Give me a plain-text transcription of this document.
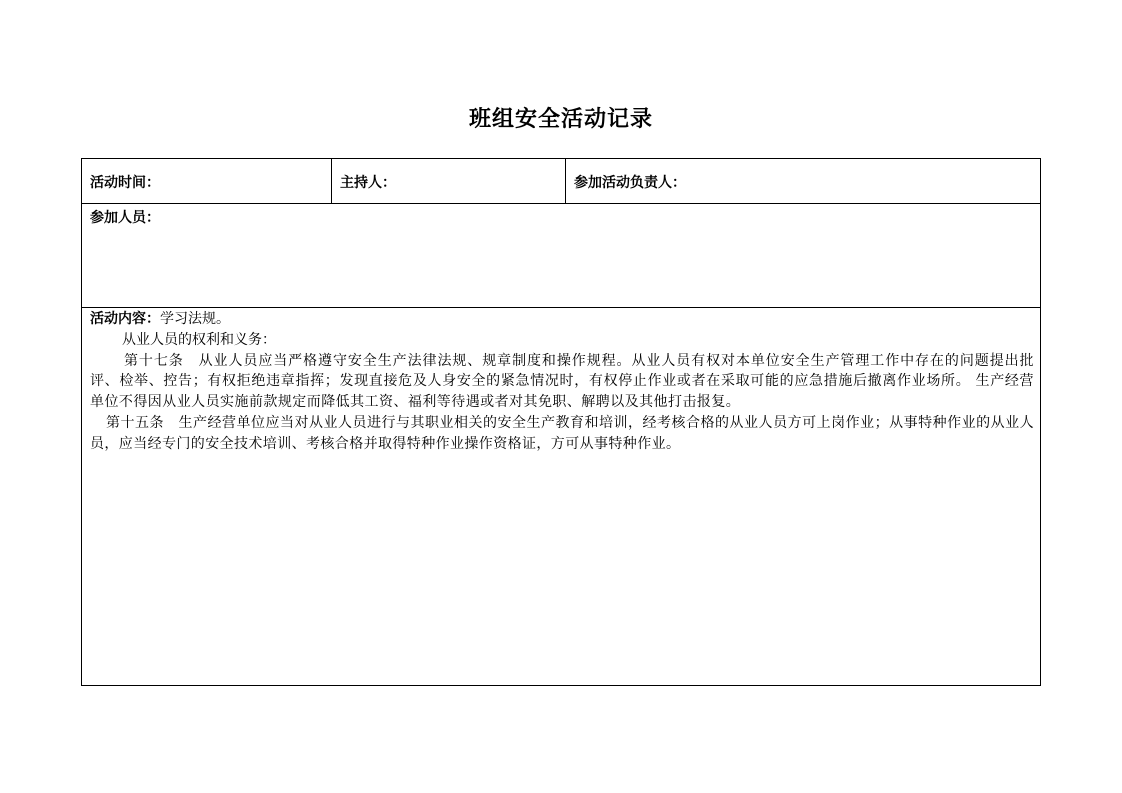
班组安全活动记录
活动时间：	主持人：	参加活动负责人：
参加人员：

活动内容：学习法规。

从业人员的权利和义务：

第十七条　从业人员应当严格遵守安全生产法律法规、规章制度和操作规程。从业人员有权对本单位安全生产管理工作中存在的问题提出批评、检举、控告；有权拒绝违章指挥；发现直接危及人身安全的紧急情况时，有权停止作业或者在采取可能的应急措施后撤离作业场所。 生产经营单位不得因从业人员实施前款规定而降低其工资、福利等待遇或者对其免职、解聘以及其他打击报复。

第十五条　生产经营单位应当对从业人员进行与其职业相关的安全生产教育和培训，经考核合格的从业人员方可上岗作业；从事特种作业的从业人员，应当经专门的安全技术培训、考核合格并取得特种作业操作资格证，方可从事特种作业。
